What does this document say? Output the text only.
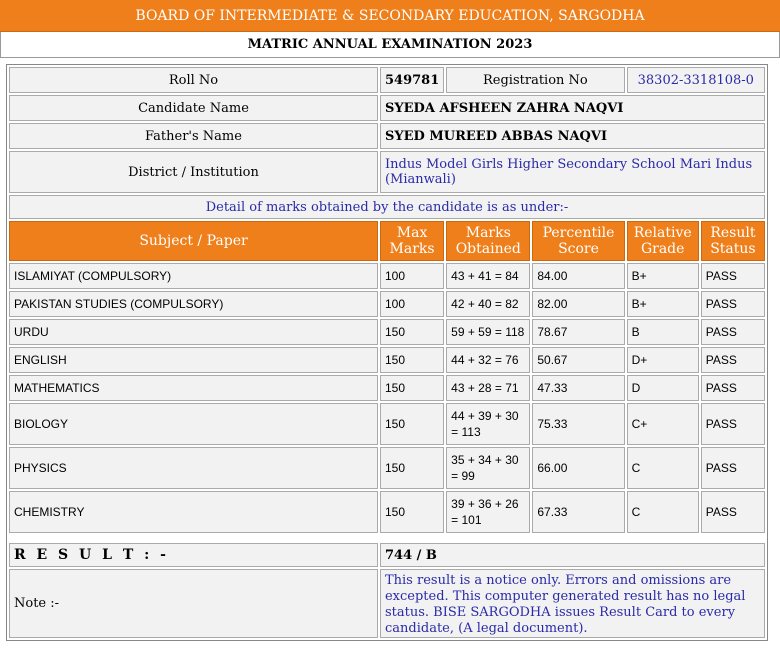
BOARD OF INTERMEDIATE & SECONDARY EDUCATION, SARGODHA
MATRIC ANNUAL EXAMINATION 2023
Roll No	549781	Registration No		38302-3318108-0	
Candidate Name	SYEDA AFSHEEN ZAHRA NAQVI				
Father's Name	SYED MUREED ABBAS NAQVI				
District / Institution	Indus Model Girls Higher Secondary School Mari Indus (Mianwali)				
Detail of marks obtained by the candidate is as under:-					
Subject / Paper	Max Marks	Marks Obtained	Percentile Score	Relative Grade	Result Status
ISLAMIYAT (COMPULSORY)	100	43 + 41 = 84	84.00	B+	PASS
PAKISTAN STUDIES (COMPULSORY)	100	42 + 40 = 82	82.00	B+	PASS
URDU	150	59 + 59 = 118	78.67	B	PASS
ENGLISH	150	44 + 32 = 76	50.67	D+	PASS
MATHEMATICS	150	43 + 28 = 71	47.33	D	PASS
BIOLOGY	150	44 + 39 + 30 = 113	75.33	C+	PASS
PHYSICS	150	35 + 34 + 30 = 99	66.00	C	PASS
CHEMISTRY	150	39 + 36 + 26 = 101	67.33	C	PASS

R E S U L T : -	744 / B				
Note :-	This result is a notice only. Errors and omissions are excepted. This computer generated result has no legal status. BISE SARGODHA issues Result Card to every candidate, (A legal document).				
